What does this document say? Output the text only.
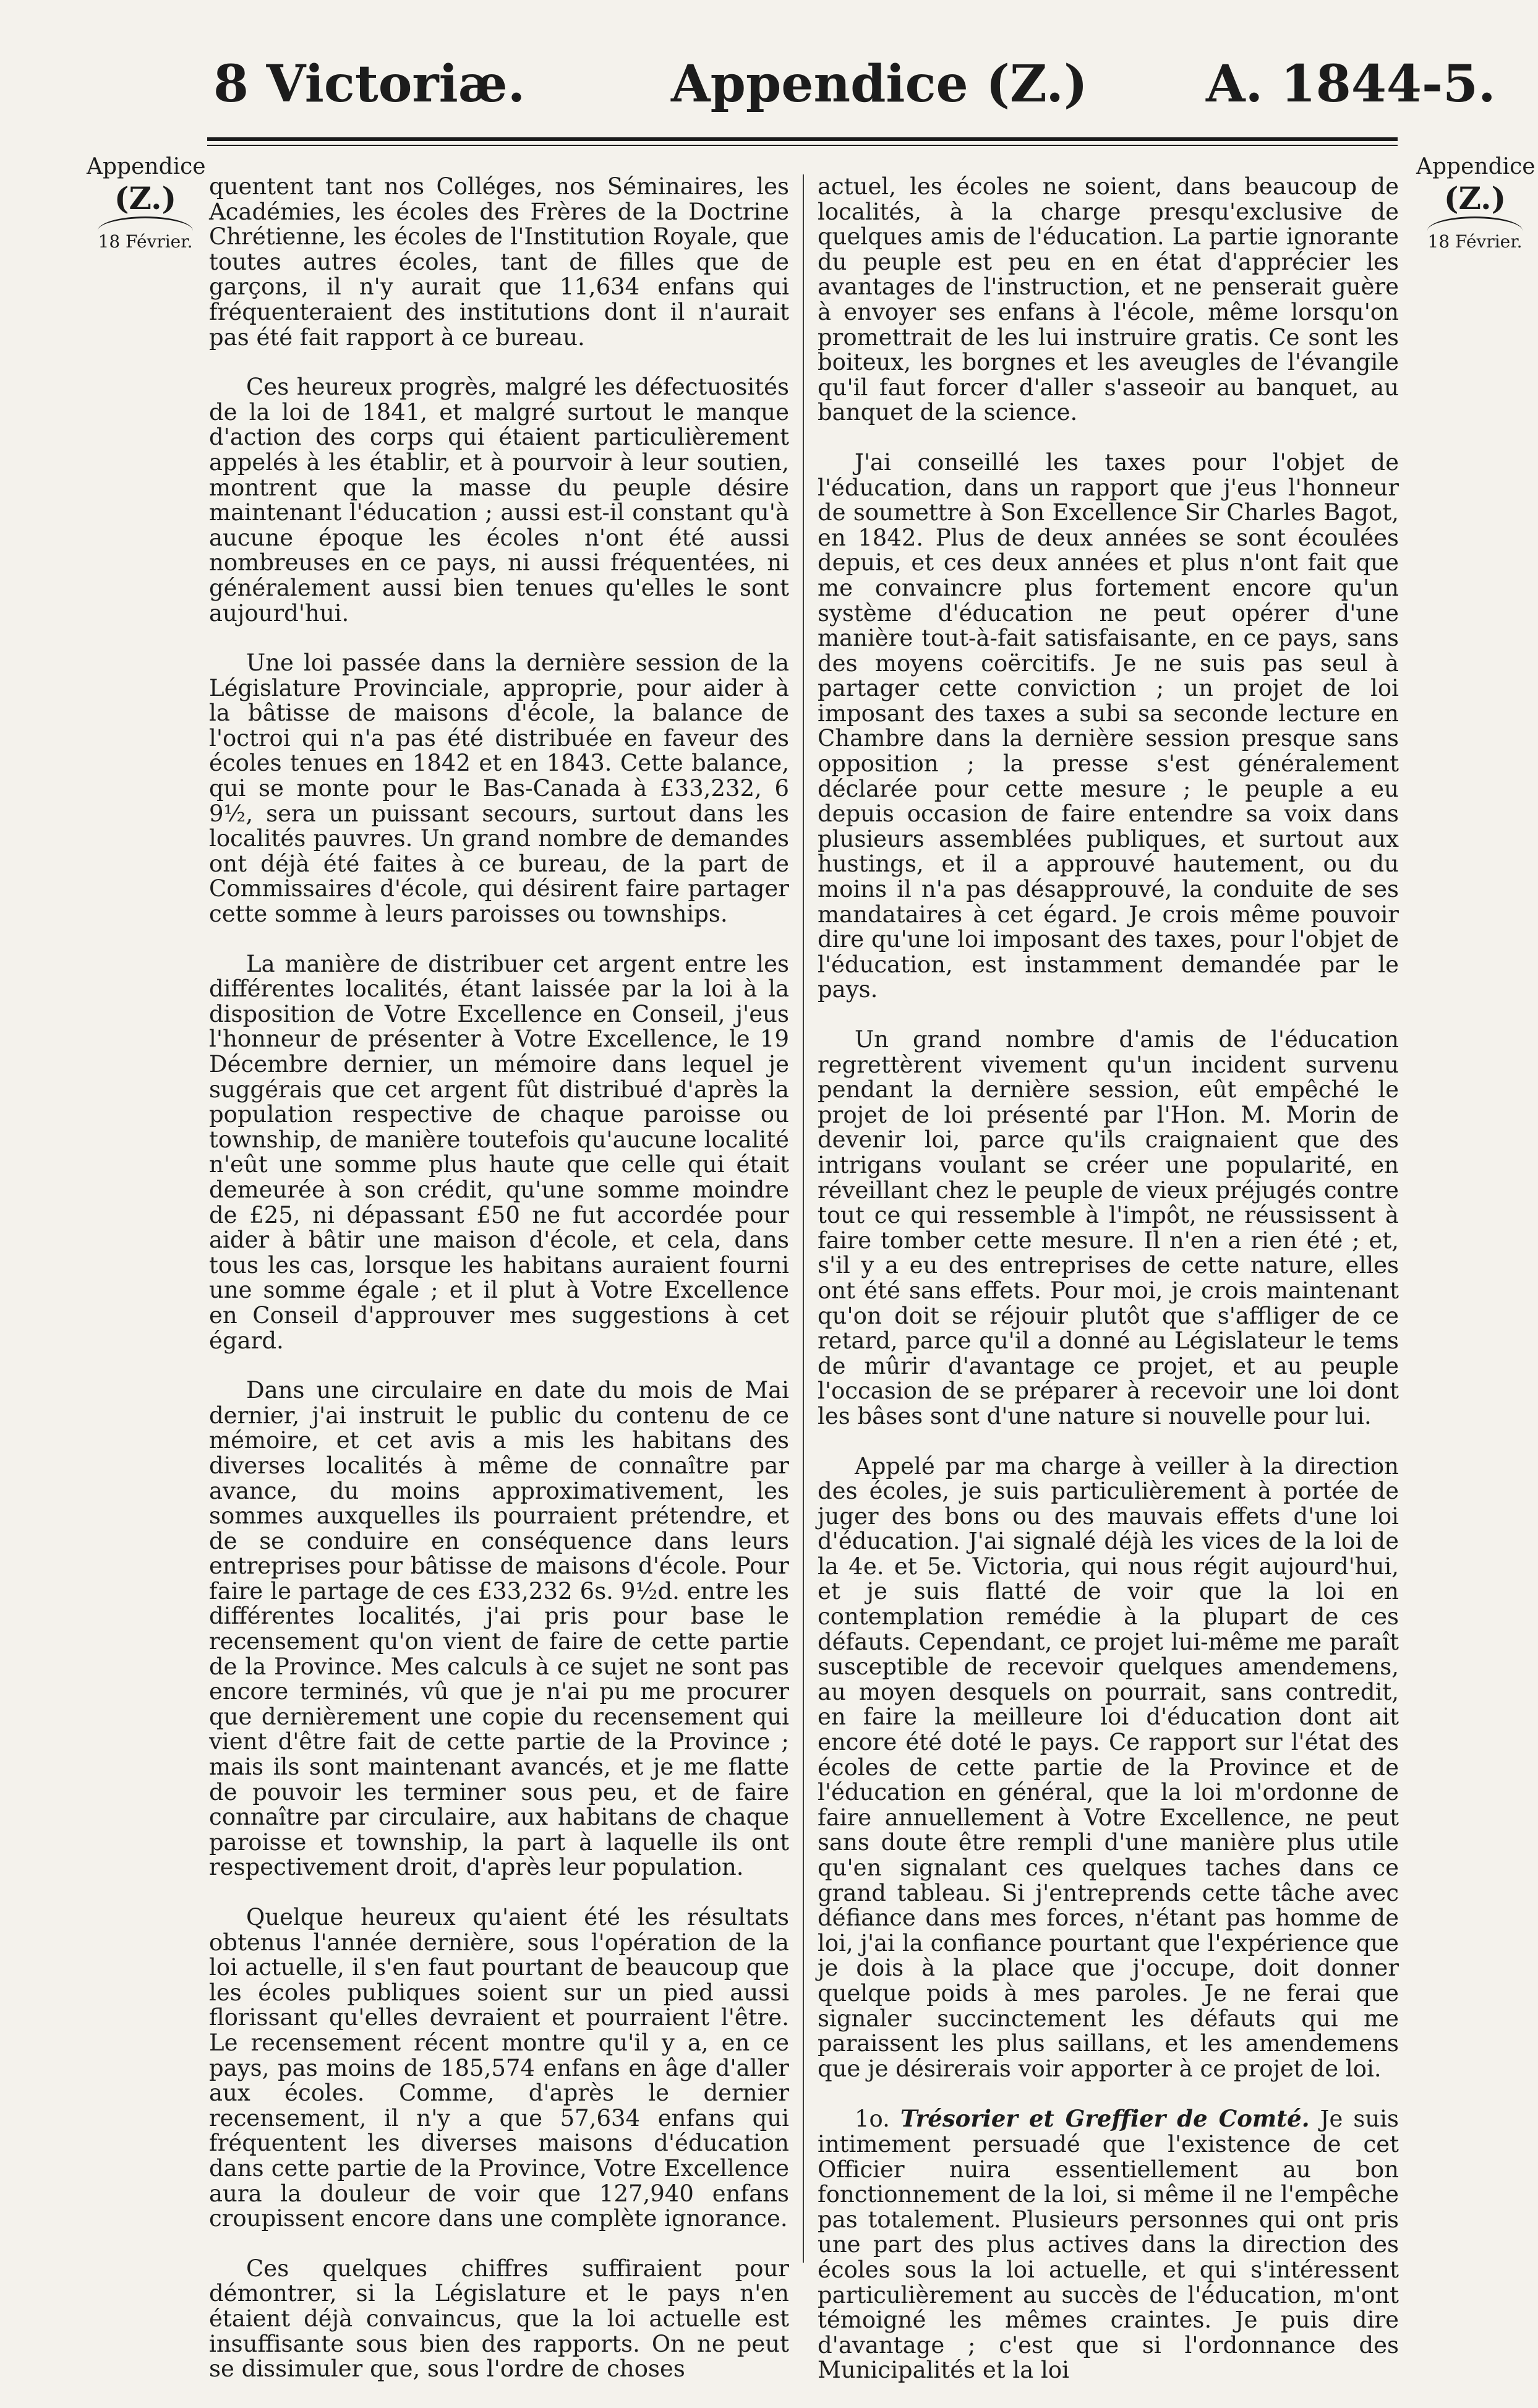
8 Victoriæ.	Appendice (Z.) A. 1844-5.
Appendice
(Z.)
18 Février.
Appendice
(Z.)
18 Février.

quentent tant nos Colléges, nos Séminaires, les Académies, les écoles des Frères de la Doctrine Chrétienne, les écoles de l'Institution Royale, que toutes autres écoles, tant de filles que de garçons, il n'y aurait que 11,634 enfans qui fréquenteraient des institutions dont il n'aurait pas été fait rapport à ce bureau.

Ces heureux progrès, malgré les défectuosités de la loi de 1841, et malgré surtout le manque d'action des corps qui étaient particulièrement appelés à les établir, et à pourvoir à leur soutien, montrent que la masse du peuple désire maintenant l'éducation ; aussi est-il constant qu'à aucune époque les écoles n'ont été aussi nombreuses en ce pays, ni aussi fréquentées, ni généralement aussi bien tenues qu'elles le sont aujourd'hui.

Une loi passée dans la dernière session de la Législature Provinciale, approprie, pour aider à la bâtisse de maisons d'école, la balance de l'octroi qui n'a pas été distribuée en faveur des écoles tenues en 1842 et en 1843. Cette balance, qui se monte pour le Bas-Canada à £33,232, 6 9½, sera un puissant secours, surtout dans les localités pauvres. Un grand nombre de demandes ont déjà été faites à ce bureau, de la part de Commissaires d'école, qui désirent faire partager cette somme à leurs paroisses ou townships.

La manière de distribuer cet argent entre les différentes localités, étant laissée par la loi à la disposition de Votre Excellence en Conseil, j'eus l'honneur de présenter à Votre Excellence, le 19 Décembre dernier, un mémoire dans lequel je suggérais que cet argent fût distribué d'après la population respective de chaque paroisse ou township, de manière toutefois qu'aucune localité n'eût une somme plus haute que celle qui était demeurée à son crédit, qu'une somme moindre de £25, ni dépassant £50 ne fut accordée pour aider à bâtir une maison d'école, et cela, dans tous les cas, lorsque les habitans auraient fourni une somme égale ; et il plut à Votre Excellence en Conseil d'approuver mes suggestions à cet égard.

Dans une circulaire en date du mois de Mai dernier, j'ai instruit le public du contenu de ce mémoire, et cet avis a mis les habitans des diverses localités à même de connaître par avance, du moins approximativement, les sommes auxquelles ils pourraient prétendre, et de se conduire en conséquence dans leurs entreprises pour bâtisse de maisons d'école. Pour faire le partage de ces £33,232 6s. 9½d. entre les différentes localités, j'ai pris pour base le recensement qu'on vient de faire de cette partie de la Province. Mes calculs à ce sujet ne sont pas encore terminés, vû que je n'ai pu me procurer que dernièrement une copie du recensement qui vient d'être fait de cette partie de la Province ; mais ils sont maintenant avancés, et je me flatte de pouvoir les terminer sous peu, et de faire connaître par circulaire, aux habitans de chaque paroisse et township, la part à laquelle ils ont respectivement droit, d'après leur population.

Quelque heureux qu'aient été les résultats obtenus l'année dernière, sous l'opération de la loi actuelle, il s'en faut pourtant de beaucoup que les écoles publiques soient sur un pied aussi florissant qu'elles devraient et pourraient l'être. Le recensement récent montre qu'il y a, en ce pays, pas moins de 185,574 enfans en âge d'aller aux écoles. Comme, d'après le dernier recensement, il n'y a que 57,634 enfans qui fréquentent les diverses maisons d'éducation dans cette partie de la Province, Votre Excellence aura la douleur de voir que 127,940 enfans croupissent encore dans une complète ignorance.

Ces quelques chiffres suffiraient pour démontrer, si la Législature et le pays n'en étaient déjà convaincus, que la loi actuelle est insuffisante sous bien des rapports. On ne peut se dissimuler que, sous l'ordre de choses

actuel, les écoles ne soient, dans beaucoup de localités, à la charge presqu'exclusive de quelques amis de l'éducation. La partie ignorante du peuple est peu en en état d'apprécier les avantages de l'instruction, et ne penserait guère à envoyer ses enfans à l'école, même lorsqu'on promettrait de les lui instruire gratis. Ce sont les boiteux, les borgnes et les aveugles de l'évangile qu'il faut forcer d'aller s'asseoir au banquet, au banquet de la science.

J'ai conseillé les taxes pour l'objet de l'éducation, dans un rapport que j'eus l'honneur de soumettre à Son Excellence Sir Charles Bagot, en 1842. Plus de deux années se sont écoulées depuis, et ces deux années et plus n'ont fait que me convaincre plus fortement encore qu'un système d'éducation ne peut opérer d'une manière tout-à-fait satisfaisante, en ce pays, sans des moyens coërcitifs. Je ne suis pas seul à partager cette conviction ; un projet de loi imposant des taxes a subi sa seconde lecture en Chambre dans la dernière session presque sans opposition ; la presse s'est généralement déclarée pour cette mesure ; le peuple a eu depuis occasion de faire entendre sa voix dans plusieurs assemblées publiques, et surtout aux hustings, et il a approuvé hautement, ou du moins il n'a pas désapprouvé, la conduite de ses mandataires à cet égard. Je crois même pouvoir dire qu'une loi imposant des taxes, pour l'objet de l'éducation, est instamment demandée par le pays.

Un grand nombre d'amis de l'éducation regrettèrent vivement qu'un incident survenu pendant la dernière session, eût empêché le projet de loi présenté par l'Hon. M. Morin de devenir loi, parce qu'ils craignaient que des intrigans voulant se créer une popularité, en réveillant chez le peuple de vieux préjugés contre tout ce qui ressemble à l'impôt, ne réussissent à faire tomber cette mesure. Il n'en a rien été ; et, s'il y a eu des entreprises de cette nature, elles ont été sans effets. Pour moi, je crois maintenant qu'on doit se réjouir plutôt que s'affliger de ce retard, parce qu'il a donné au Législateur le tems de mûrir d'avantage ce projet, et au peuple l'occasion de se préparer à recevoir une loi dont les bâses sont d'une nature si nouvelle pour lui.

Appelé par ma charge à veiller à la direction des écoles, je suis particulièrement à portée de juger des bons ou des mauvais effets d'une loi d'éducation. J'ai signalé déjà les vices de la loi de la 4e. et 5e. Victoria, qui nous régit aujourd'hui, et je suis flatté de voir que la loi en contemplation remédie à la plupart de ces défauts. Cependant, ce projet lui-même me paraît susceptible de recevoir quelques amendemens, au moyen desquels on pourrait, sans contredit, en faire la meilleure loi d'éducation dont ait encore été doté le pays. Ce rapport sur l'état des écoles de cette partie de la Province et de l'éducation en général, que la loi m'ordonne de faire annuellement à Votre Excellence, ne peut sans doute être rempli d'une manière plus utile qu'en signalant ces quelques taches dans ce grand tableau. Si j'entreprends cette tâche avec défiance dans mes forces, n'étant pas homme de loi, j'ai la confiance pourtant que l'expérience que je dois à la place que j'occupe, doit donner quelque poids à mes paroles. Je ne ferai que signaler succinctement les défauts qui me paraissent les plus saillans, et les amendemens que je désirerais voir apporter à ce projet de loi.

1o. Trésorier et Greffier de Comté. Je suis intimement persuadé que l'existence de cet Officier nuira essentiellement au bon fonctionnement de la loi, si même il ne l'empêche pas totalement. Plusieurs personnes qui ont pris une part des plus actives dans la direction des écoles sous la loi actuelle, et qui s'intéressent particulièrement au succès de l'éducation, m'ont témoigné les mêmes craintes. Je puis dire d'avantage ; c'est que si l'ordonnance des Municipalités et la loi
